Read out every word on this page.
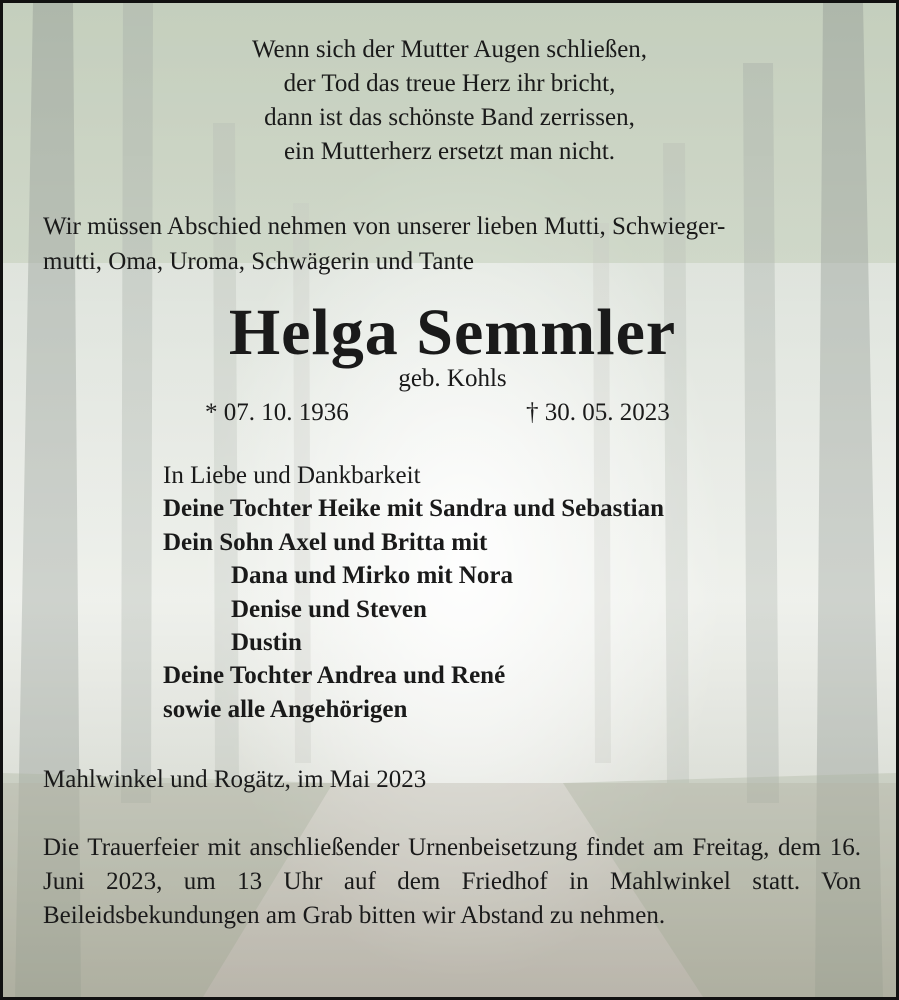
Wenn sich der Mutter Augen schließen,
der Tod das treue Herz ihr bricht,
dann ist das schönste Band zerrissen,
ein Mutterherz ersetzt man nicht.
Wir müssen Abschied nehmen von unserer lieben Mutti, Schwieger-
mutti, Oma, Uroma, Schwägerin und Tante
Helga Semmler
geb. Kohls
* 07. 10. 1936	† 30. 05. 2023
In Liebe und Dankbarkeit
Deine Tochter Heike mit Sandra und Sebastian
Dein Sohn Axel und Britta mit
Dana und Mirko mit Nora
Denise und Steven
Dustin
Deine Tochter Andrea und René
sowie alle Angehörigen
Mahlwinkel und Rogätz, im Mai 2023
Die Trauerfeier mit anschließender Urnenbeisetzung findet am Freitag, dem 16. Juni 2023, um 13 Uhr auf dem Friedhof in Mahlwinkel statt. Von Beileidsbekundungen am Grab bitten wir Abstand zu nehmen.
